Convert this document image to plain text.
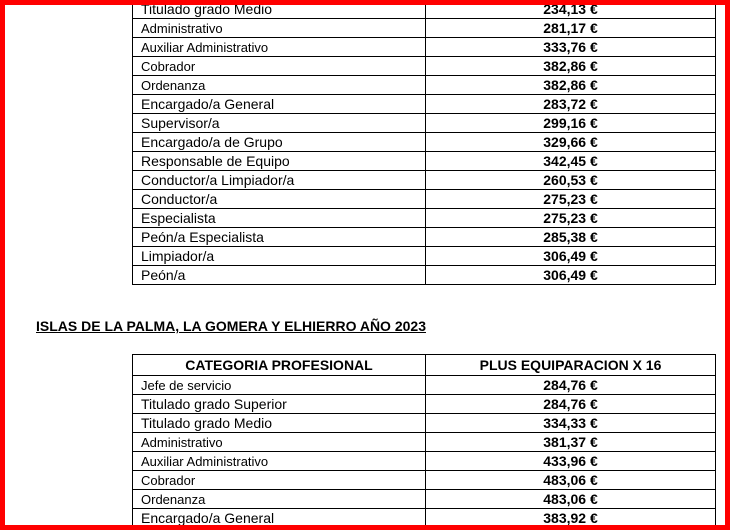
Titulado grado Medio	234,13 €
Administrativo	281,17 €
Auxiliar Administrativo	333,76 €
Cobrador	382,86 €
Ordenanza	382,86 €
Encargado/a General	283,72 €
Supervisor/a	299,16 €
Encargado/a de Grupo	329,66 €
Responsable de Equipo	342,45 €
Conductor/a Limpiador/a	260,53 €
Conductor/a	275,23 €
Especialista	275,23 €
Peón/a Especialista	285,38 €
Limpiador/a	306,49 €
Peón/a	306,49 €
ISLAS DE LA PALMA, LA GOMERA Y ELHIERRO AÑO 2023
CATEGORIA PROFESIONAL	PLUS EQUIPARACION X 16
Jefe de servicio	284,76 €
Titulado grado Superior	284,76 €
Titulado grado Medio	334,33 €
Administrativo	381,37 €
Auxiliar Administrativo	433,96 €
Cobrador	483,06 €
Ordenanza	483,06 €
Encargado/a General	383,92 €
